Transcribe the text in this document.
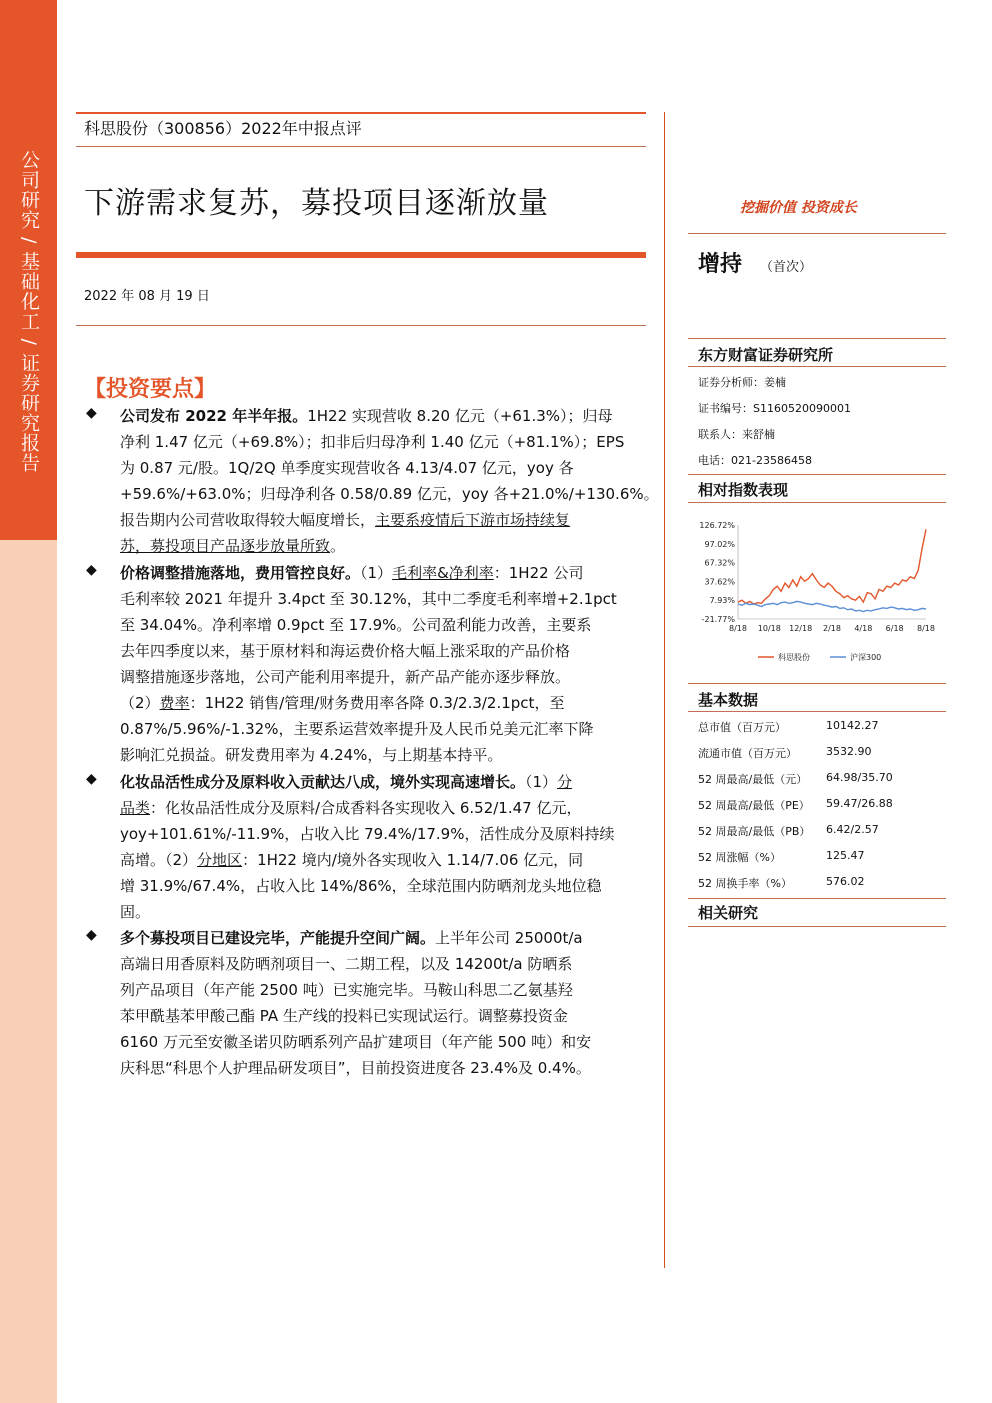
公司研究 / 基础化工 / 证券研究报告
科思股份（300856）2022年中报点评
下游需求复苏，募投项目逐渐放量
2022 年 08 月 19 日
【投资要点】
◆ 公司发布 2022 年半年报。1H22 实现营收 8.20 亿元（+61.3%）；归母
净利 1.47 亿元（+69.8%）；扣非后归母净利 1.40 亿元（+81.1%）；EPS
为 0.87 元/股。1Q/2Q 单季度实现营收各 4.13/4.07 亿元，yoy 各
+59.6%/+63.0%；归母净利各 0.58/0.89 亿元，yoy 各+21.0%/+130.6%。
报告期内公司营收取得较大幅度增长，主要系疫情后下游市场持续复
苏，募投项目产品逐步放量所致。
◆ 价格调整措施落地，费用管控良好。（1）毛利率&净利率：1H22 公司
毛利率较 2021 年提升 3.4pct 至 30.12%，其中二季度毛利率增+2.1pct
至 34.04%。净利率增 0.9pct 至 17.9%。公司盈利能力改善，主要系
去年四季度以来，基于原材料和海运费价格大幅上涨采取的产品价格
调整措施逐步落地，公司产能利用率提升，新产品产能亦逐步释放。
（2）费率：1H22 销售/管理/财务费用率各降 0.3/2.3/2.1pct，至
0.87%/5.96%/-1.32%，主要系运营效率提升及人民币兑美元汇率下降
影响汇兑损益。研发费用率为 4.24%，与上期基本持平。
◆ 化妆品活性成分及原料收入贡献达八成，境外实现高速增长。（1）分
品类：化妆品活性成分及原料/合成香料各实现收入 6.52/1.47 亿元，
yoy+101.61%/-11.9%，占收入比 79.4%/17.9%，活性成分及原料持续
高增。（2）分地区：1H22 境内/境外各实现收入 1.14/7.06 亿元，同
增 31.9%/67.4%，占收入比 14%/86%，全球范围内防晒剂龙头地位稳
固。
◆ 多个募投项目已建设完毕，产能提升空间广阔。上半年公司 25000t/a
高端日用香原料及防晒剂项目一、二期工程，以及 14200t/a 防晒系
列产品项目（年产能 2500 吨）已实施完毕。马鞍山科思二乙氨基羟
苯甲酰基苯甲酸己酯 PA 生产线的投料已实现试运行。调整募投资金
6160 万元至安徽圣诺贝防晒系列产品扩建项目（年产能 500 吨）和安
庆科思“科思个人护理品研发项目”，目前投资进度各 23.4%及 0.4%。
挖掘价值 投资成长
增持 （首次）
东方财富证券研究所
证券分析师：姜楠
证书编号：S1160520090001
联系人：来舒楠
电话：021-23586458
相对指数表现
126.72%
97.02%
67.32%
37.62%
7.93%
-21.77%
8/18 10/18 12/18 2/18 4/18 6/18 8/18
科思股份	沪深300
基本数据
总市值（百万元）	10142.27
流通市值（百万元）	3532.90
52 周最高/最低（元） 64.98/35.70
52 周最高/最低（PE） 59.47/26.88
52 周最高/最低（PB） 6.42/2.57
52 周涨幅（%）	125.47
52 周换手率（%）	576.02
相关研究
